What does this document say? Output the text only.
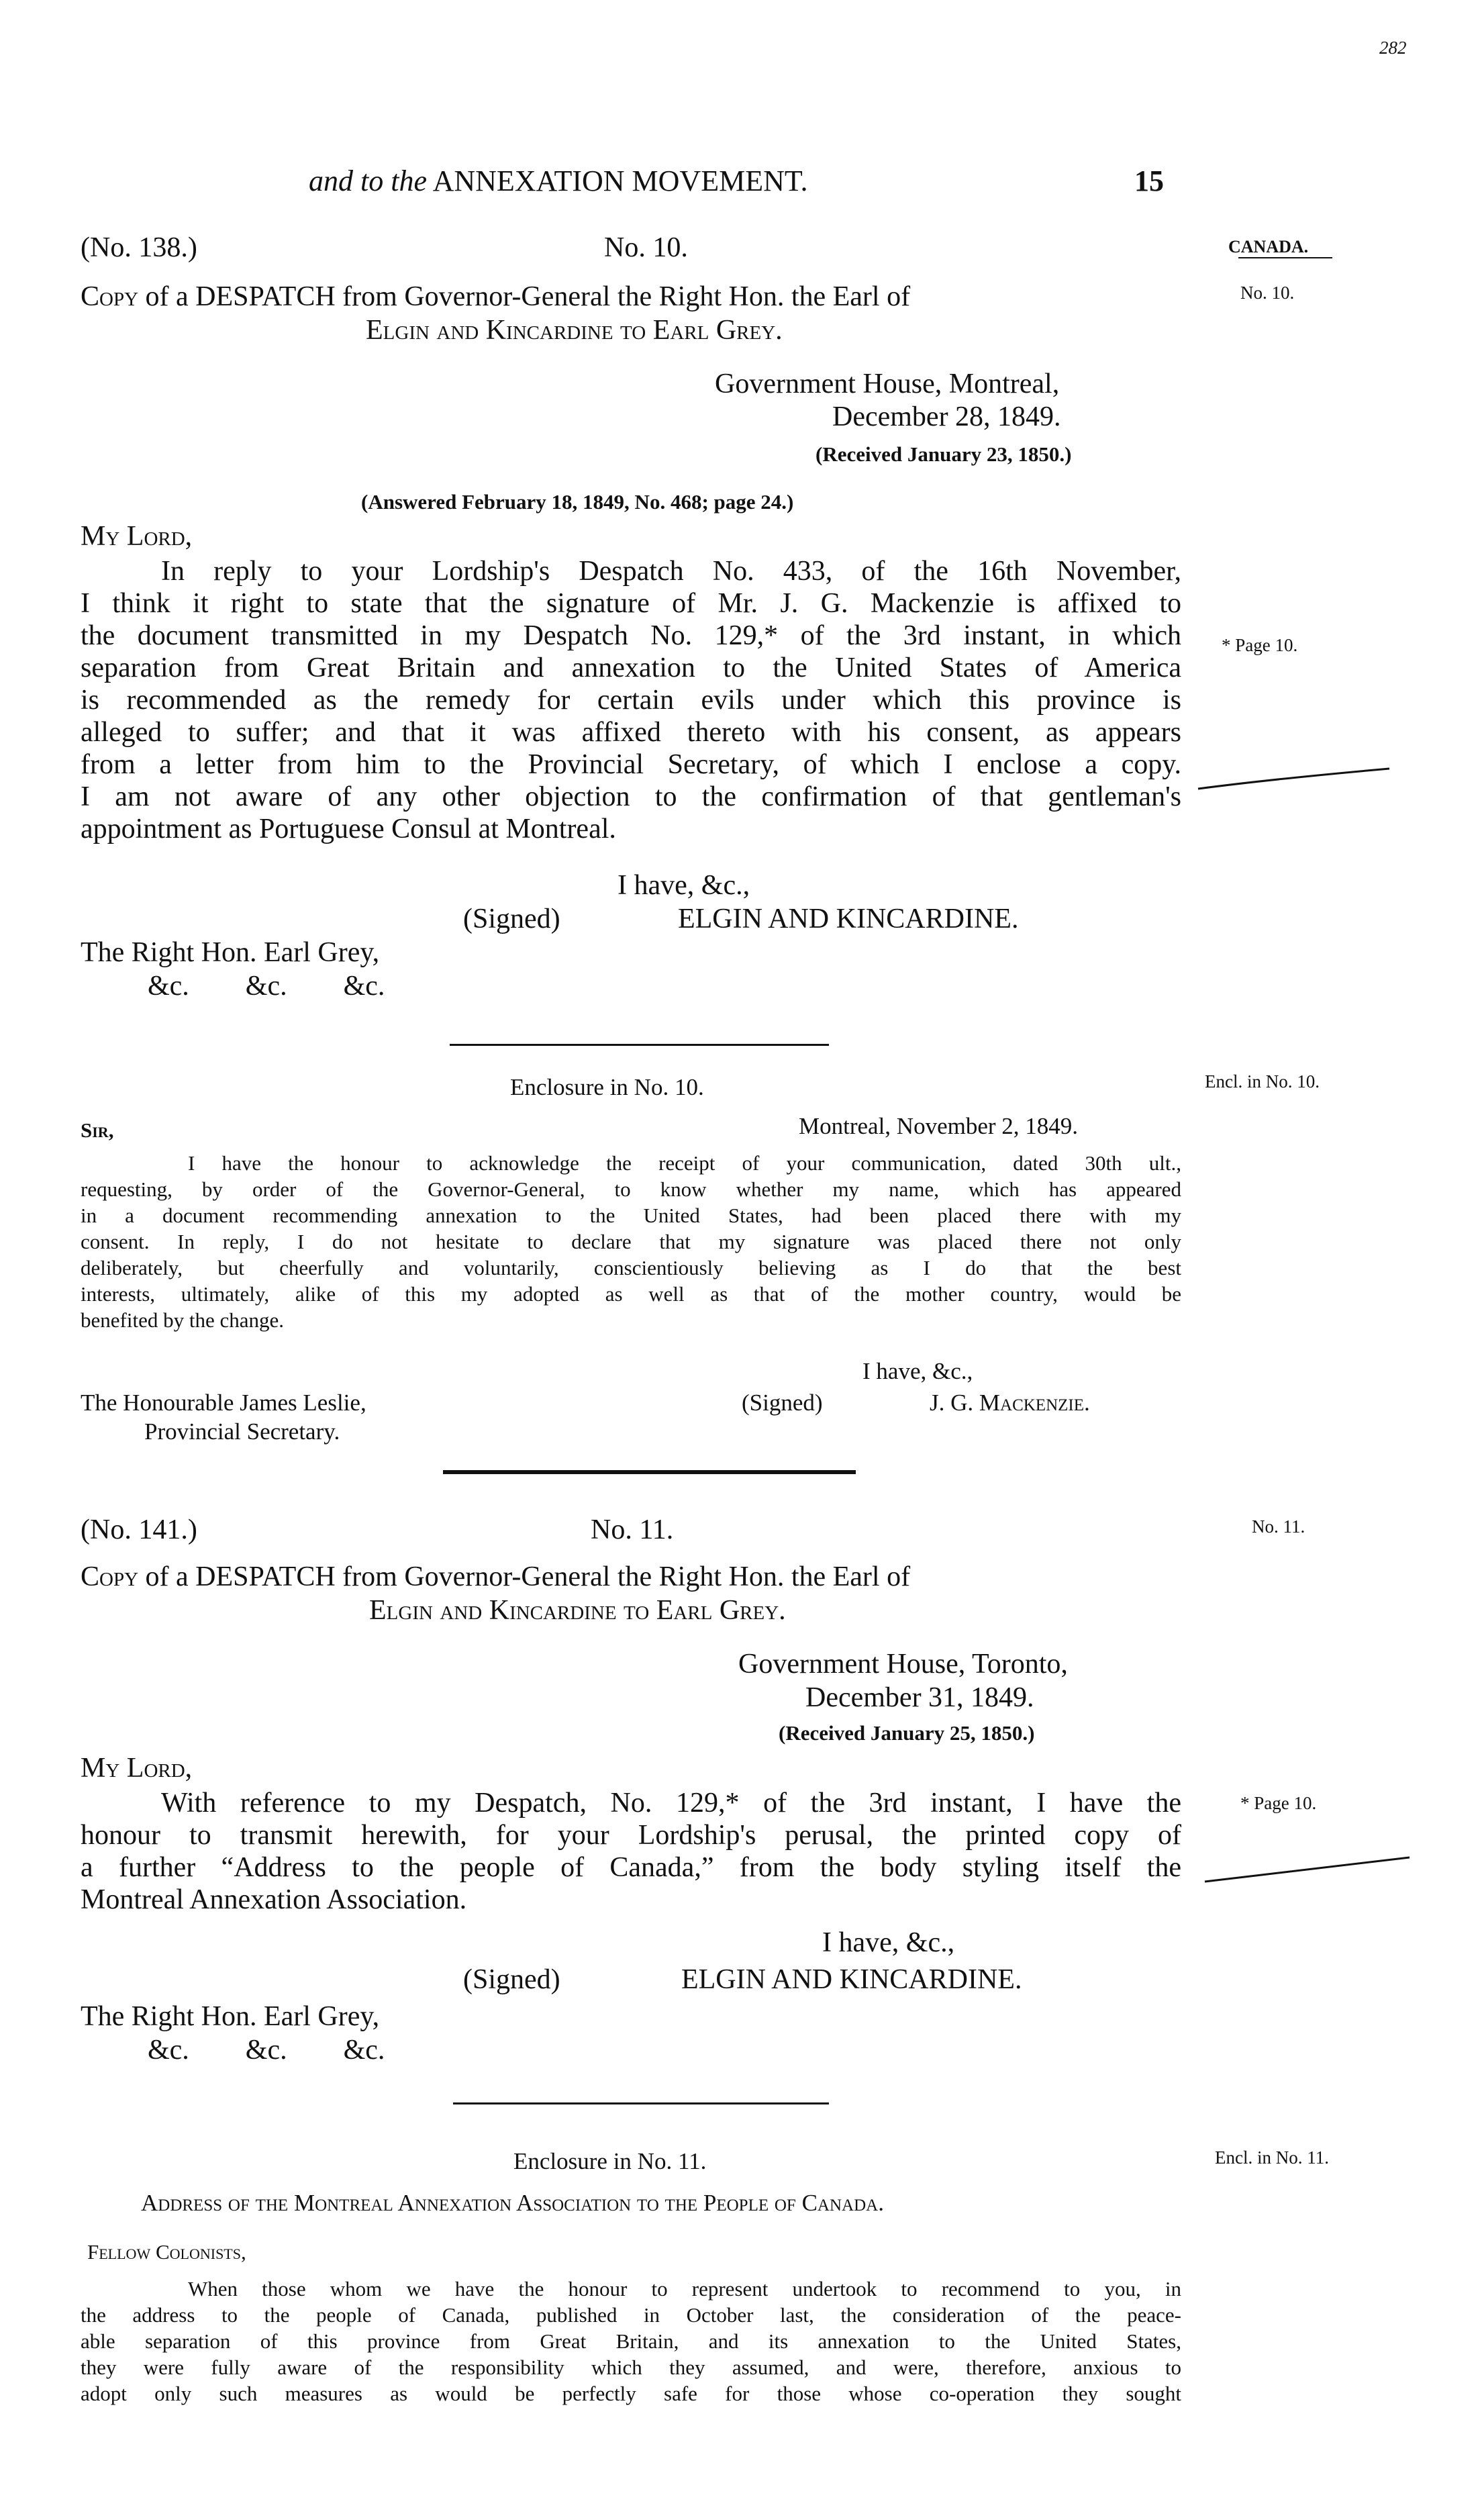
282
and to the ANNEXATION MOVEMENT.	15
CANADA.
No. 10.
* Page 10.
Encl. in No. 10.
No. 11.
* Page 10.
Encl. in No. 11.
(No. 138.)	No. 10.
Copy of a DESPATCH from Governor-General the Right Hon. the Earl of
Elgin and Kincardine to Earl Grey.
Government House, Montreal,
December 28, 1849.
(Received January 23, 1850.)
(Answered February 18, 1849, No. 468; page 24.)
My Lord,
In reply to your Lordship's Despatch No. 433, of the 16th November,
I think it right to state that the signature of Mr. J. G. Mackenzie is affixed to
the document transmitted in my Despatch No. 129,* of the 3rd instant, in which
separation from Great Britain and annexation to the United States of America
is recommended as the remedy for certain evils under which this province is
alleged to suffer; and that it was affixed thereto with his consent, as appears
from a letter from him to the Provincial Secretary, of which I enclose a copy.
I am not aware of any other objection to the confirmation of that gentleman's
appointment as Portuguese Consul at Montreal.
I have, &c.,
(Signed)	ELGIN AND KINCARDINE.
The Right Hon. Earl Grey,
&c.        &c.        &c.
Enclosure in No. 10.
Sir,	Montreal, November 2, 1849.
I have the honour to acknowledge the receipt of your communication, dated 30th ult.,
requesting, by order of the Governor-General, to know whether my name, which has appeared
in a document recommending annexation to the United States, had been placed there with my
consent. In reply, I do not hesitate to declare that my signature was placed there not only
deliberately, but cheerfully and voluntarily, conscientiously believing as I do that the best
interests, ultimately, alike of this my adopted as well as that of the mother country, would be
benefited by the change.
I have, &c.,
The Honourable James Leslie,	(Signed)	J. G. Mackenzie.
Provincial Secretary.
(No. 141.)	No. 11.
Copy of a DESPATCH from Governor-General the Right Hon. the Earl of
Elgin and Kincardine to Earl Grey.
Government House, Toronto,
December 31, 1849.
(Received January 25, 1850.)
My Lord,
With reference to my Despatch, No. 129,* of the 3rd instant, I have the
honour to transmit herewith, for your Lordship's perusal, the printed copy of
a further “Address to the people of Canada,” from the body styling itself the
Montreal Annexation Association.
I have, &c.,
(Signed)	ELGIN AND KINCARDINE.
The Right Hon. Earl Grey,
&c.        &c.        &c.
Enclosure in No. 11.
Address of the Montreal Annexation Association to the People of Canada.
Fellow Colonists,
When those whom we have the honour to represent undertook to recommend to you, in
the address to the people of Canada, published in October last, the consideration of the peace-
able separation of this province from Great Britain, and its annexation to the United States,
they were fully aware of the responsibility which they assumed, and were, therefore, anxious to
adopt only such measures as would be perfectly safe for those whose co-operation they sought
